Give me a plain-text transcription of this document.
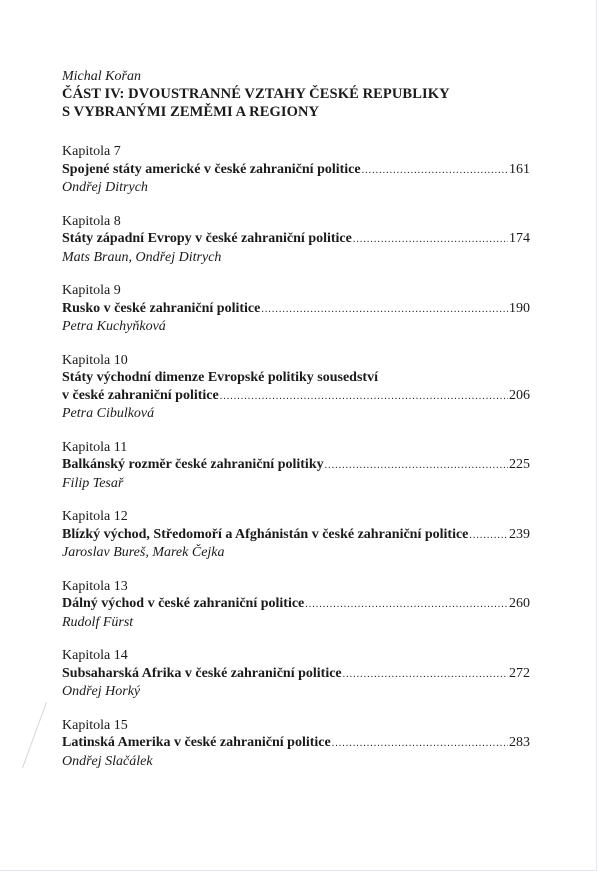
Michal Kořan
ČÁST IV: DVOUSTRANNÉ VZTAHY ČESKÉ REPUBLIKY
S VYBRANÝMI ZEMĚMI A REGIONY
Kapitola 7
Spojené státy americké v české zahraniční politice .....	161
Ondřej Ditrych
Kapitola 8
Státy západní Evropy v české zahraniční politice .....	174
Mats Braun, Ondřej Ditrych
Kapitola 9
Rusko v české zahraniční politice .....	190
Petra Kuchyňková
Kapitola 10
Státy východní dimenze Evropské politiky sousedství
v české zahraniční politice .....	206
Petra Cibulková
Kapitola 11
Balkánský rozměr české zahraniční politiky .....	225
Filip Tesař
Kapitola 12
Blízký východ, Středomoří a Afghánistán v české zahraniční politice .....	239
Jaroslav Bureš, Marek Čejka
Kapitola 13
Dálný východ v české zahraniční politice .....	260
Rudolf Fürst
Kapitola 14
Subsaharská Afrika v české zahraniční politice .....	272
Ondřej Horký
Kapitola 15
Latinská Amerika v české zahraniční politice .....	283
Ondřej Slačálek
